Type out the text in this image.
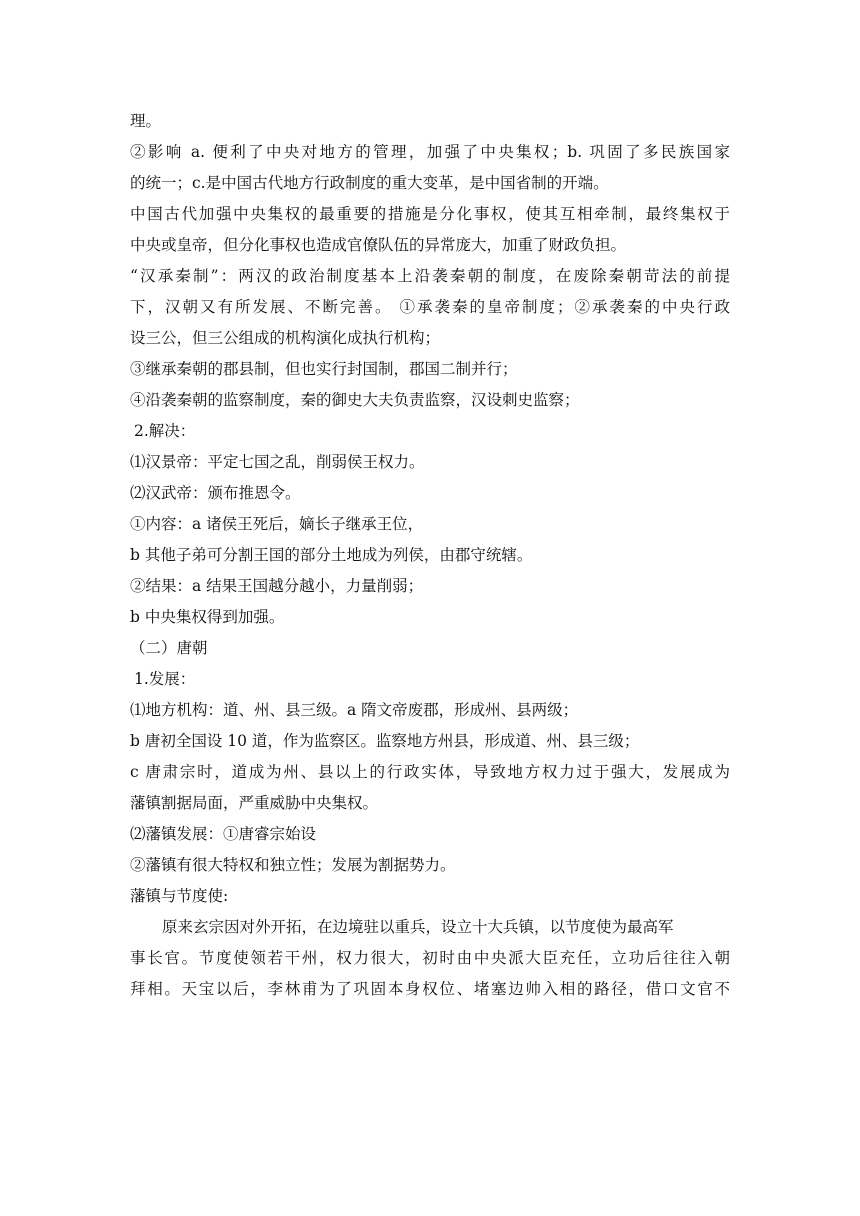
理。
②影响 a. 便利了中央对地方的管理，加强了中央集权；b. 巩固了多民族国家
的统一；c.是中国古代地方行政制度的重大变革，是中国省制的开端。
中国古代加强中央集权的最重要的措施是分化事权，使其互相牵制，最终集权于
中央或皇帝，但分化事权也造成官僚队伍的异常庞大，加重了财政负担。
“汉承秦制”：两汉的政治制度基本上沿袭秦朝的制度，在废除秦朝苛法的前提
下，汉朝又有所发展、不断完善。 ①承袭秦的皇帝制度；②承袭秦的中央行政
设三公，但三公组成的机构演化成执行机构；
③继承秦朝的郡县制，但也实行封国制，郡国二制并行；
④沿袭秦朝的监察制度，秦的御史大夫负责监察，汉设刺史监察；
2.解决：
⑴汉景帝：平定七国之乱，削弱侯王权力。
⑵汉武帝：颁布推恩令。
①内容：a 诸侯王死后，嫡长子继承王位，
b 其他子弟可分割王国的部分土地成为列侯，由郡守统辖。
②结果：a 结果王国越分越小，力量削弱；
b 中央集权得到加强。
（二）唐朝
1.发展：
⑴地方机构：道、州、县三级。a 隋文帝废郡，形成州、县两级；
b 唐初全国设 10 道，作为监察区。监察地方州县，形成道、州、县三级；
c 唐肃宗时，道成为州、县以上的行政实体，导致地方权力过于强大，发展成为
藩镇割据局面，严重威胁中央集权。
⑵藩镇发展：①唐睿宗始设
②藩镇有很大特权和独立性；发展为割据势力。
藩镇与节度使:
原来玄宗因对外开拓，在边境驻以重兵，设立十大兵镇，以节度使为最高军
事长官。节度使领若干州，权力很大，初时由中央派大臣充任，立功后往往入朝
拜相。天宝以后，李林甫为了巩固本身权位、堵塞边帅入相的路径，借口文官不
